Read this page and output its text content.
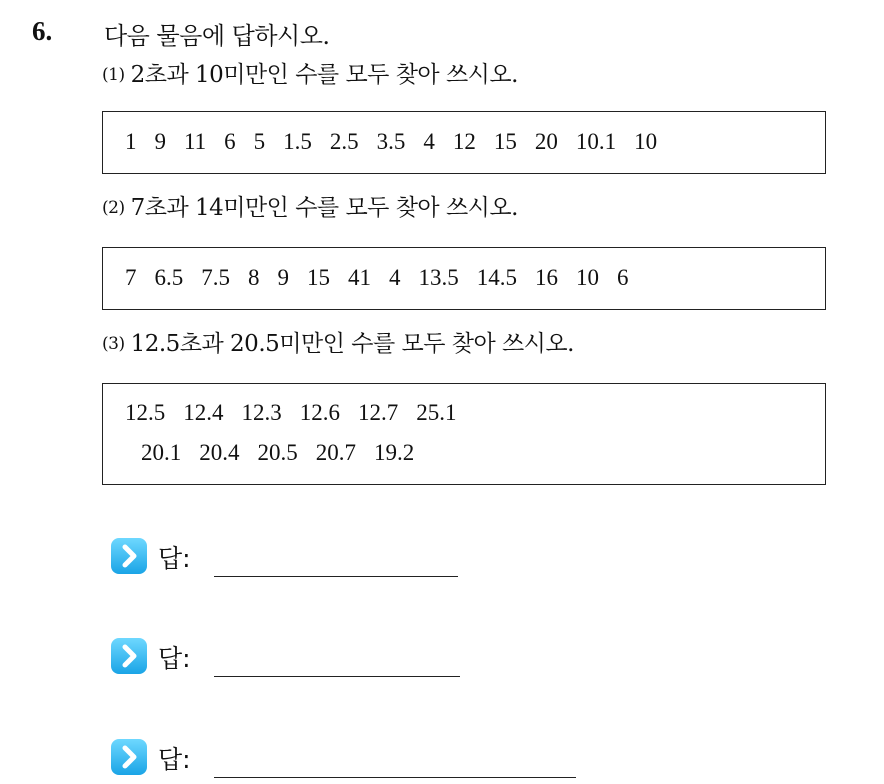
6. 다음 물음에 답하시오.
(1) 2초과 10미만인 수를 모두 찾아 쓰시오.
1 9 11 6 5 1.5 2.5 3.5 4 12 15 20 10.1 10
(2) 7초과 14미만인 수를 모두 찾아 쓰시오.
7 6.5 7.5 8 9 15 41 4 13.5 14.5 16 10 6
(3) 12.5초과 20.5미만인 수를 모두 찾아 쓰시오.
12.5 12.4 12.3 12.6 12.7 25.1
20.1 20.4 20.5 20.7 19.2
답:
답:
답:
